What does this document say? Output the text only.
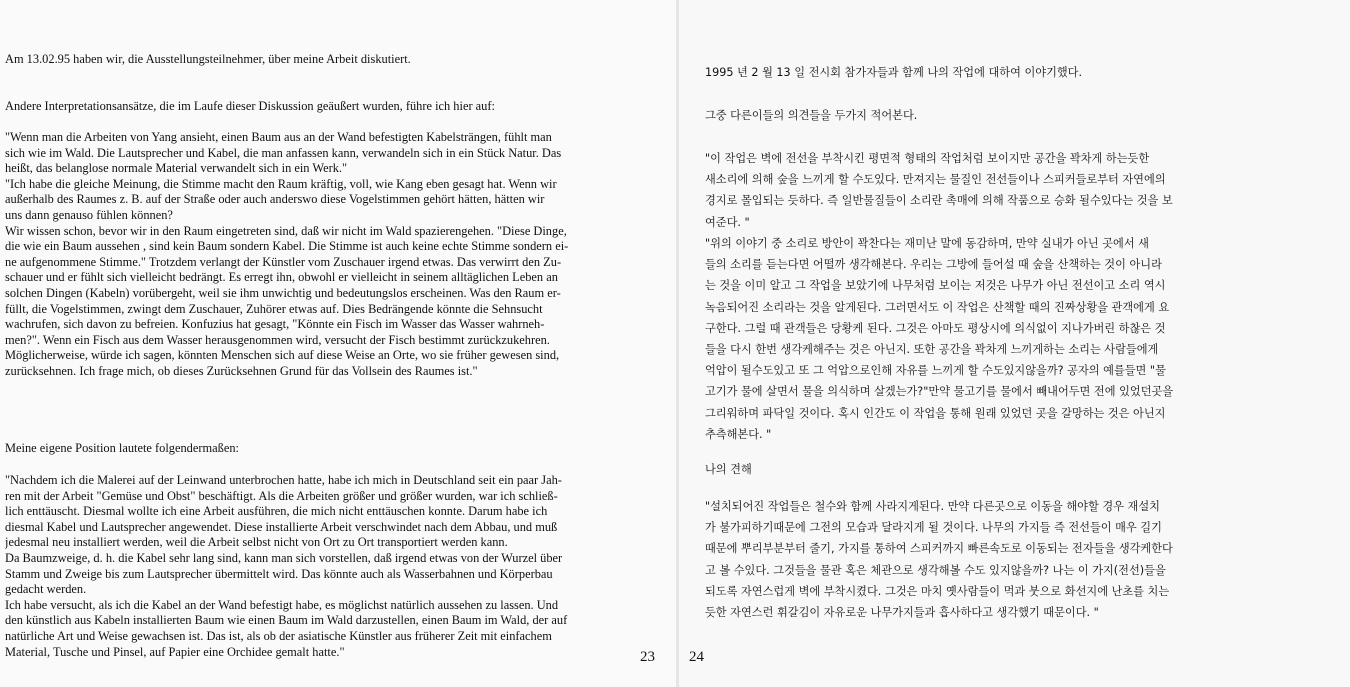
Am 13.02.95 haben wir, die Ausstellungsteilnehmer, über meine Arbeit diskutiert.

Andere Interpretationsansätze, die im Laufe dieser Diskussion geäußert wurden, führe ich hier auf:

"Wenn man die Arbeiten von Yang ansieht, einen Baum aus an der Wand befestigten Kabelsträngen, fühlt man
sich wie im Wald. Die Lautsprecher und Kabel, die man anfassen kann, verwandeln sich in ein Stück Natur. Das
heißt, das belanglose normale Material verwandelt sich in ein Werk."
"Ich habe die gleiche Meinung, die Stimme macht den Raum kräftig, voll, wie Kang eben gesagt hat. Wenn wir
außerhalb des Raumes z. B. auf der Straße oder auch anderswo diese Vogelstimmen gehört hätten, hätten wir
uns dann genauso fühlen können?
Wir wissen schon, bevor wir in den Raum eingetreten sind, daß wir nicht im Wald spazierengehen. "Diese Dinge,
die wie ein Baum aussehen , sind kein Baum sondern Kabel. Die Stimme ist auch keine echte Stimme sondern ei-
ne aufgenommene Stimme." Trotzdem verlangt der Künstler vom Zuschauer irgend etwas. Das verwirrt den Zu-
schauer und er fühlt sich vielleicht bedrängt. Es erregt ihn, obwohl er vielleicht in seinem alltäglichen Leben an
solchen Dingen (Kabeln) vorübergeht, weil sie ihm unwichtig und bedeutungslos erscheinen. Was den Raum er-
füllt, die Vogelstimmen, zwingt dem Zuschauer, Zuhörer etwas auf. Dies Bedrängende könnte die Sehnsucht
wachrufen, sich davon zu befreien. Konfuzius hat gesagt, "Könnte ein Fisch im Wasser das Wasser wahrneh-
men?". Wenn ein Fisch aus dem Wasser herausgenommen wird, versucht der Fisch bestimmt zurückzukehren.
Möglicherweise, würde ich sagen, könnten Menschen sich auf diese Weise an Orte, wo sie früher gewesen sind,
zurücksehnen. Ich frage mich, ob dieses Zurücksehnen Grund für das Vollsein des Raumes ist."

Meine eigene Position lautete folgendermaßen:

"Nachdem ich die Malerei auf der Leinwand unterbrochen hatte, habe ich mich in Deutschland seit ein paar Jah-
ren mit der Arbeit "Gemüse und Obst" beschäftigt. Als die Arbeiten größer und größer wurden, war ich schließ-
lich enttäuscht. Diesmal wollte ich eine Arbeit ausführen, die mich nicht enttäuschen konnte. Darum habe ich
diesmal Kabel und Lautsprecher angewendet. Diese installierte Arbeit verschwindet nach dem Abbau, und muß
jedesmal neu installiert werden, weil die Arbeit selbst nicht von Ort zu Ort transportiert werden kann.
Da Baumzweige, d. h. die Kabel sehr lang sind, kann man sich vorstellen, daß irgend etwas von der Wurzel über
Stamm und Zweige bis zum Lautsprecher übermittelt wird. Das könnte auch als Wasserbahnen und Körperbau
gedacht werden.
Ich habe versucht, als ich die Kabel an der Wand befestigt habe, es möglichst natürlich aussehen zu lassen. Und
den künstlich aus Kabeln installierten Baum wie einen Baum im Wald darzustellen, einen Baum im Wald, der auf
natürliche Art und Weise gewachsen ist. Das ist, als ob der asiatische Künstler aus früherer Zeit mit einfachem
Material, Tusche und Pinsel, auf Papier eine Orchidee gemalt hatte."	23

1995 년 2 월 13 일 전시회 참가자들과 함께 나의 작업에 대하여 이야기했다.

그중 다른이들의 의견들을 두가지 적어본다.

"이 작업은 벽에 전선을 부착시킨 평면적 형태의 작업처럼 보이지만 공간을 꽉차게 하는듯한
새소리에 의해 숲을 느끼게 할 수도있다. 만져지는 물질인 전선들이나 스피커들로부터 자연에의
경지로 몰입되는 듯하다. 즉 일반물질들이 소리란 촉매에 의해 작품으로 승화 될수있다는 것을 보
여준다. "
"위의 이야기 중 소리로 방안이 꽉찬다는 재미난 말에 동감하며, 만약 실내가 아닌 곳에서 새
들의 소리를 듣는다면 어떨까 생각해본다. 우리는 그방에 들어설 때 숲을 산책하는 것이 아니라
는 것을 이미 알고 그 작업을 보았기에 나무처럼 보이는 저것은 나무가 아닌 전선이고 소리 역시
녹음되어진 소리라는 것을 알게된다. 그러면서도 이 작업은 산책할 때의 진짜상황을 관객에게 요
구한다. 그럴 때 관객들은 당황케 된다. 그것은 아마도 평상시에 의식없이 지나가버린 하찮은 것
들을 다시 한번 생각케해주는 것은 아닌지. 또한 공간을 꽉차게 느끼게하는 소리는 사람들에게
억압이 될수도있고 또 그 억압으로인해 자유를 느끼게 할 수도있지않을까? 공자의 예를들면 "물
고기가 물에 살면서 물을 의식하며 살겠는가?"만약 물고기를 물에서 빼내어두면 전에 있었던곳을
그리워하며 파닥일 것이다. 혹시 인간도 이 작업을 통해 원래 있었던 곳을 갈망하는 것은 아닌지
추측해본다. "

나의 견해

"설치되어진 작업들은 철수와 함께 사라지게된다. 만약 다른곳으로 이동을 해야할 경우 재설치
가 불가피하기때문에 그전의 모습과 달라지게 될 것이다. 나무의 가지들 즉 전선들이 매우 길기
때문에 뿌리부분부터 줄기, 가지를 통하여 스피커까지 빠른속도로 이동되는 전자들을 생각케한다
고 볼 수있다. 그것들을 물관 혹은 체관으로 생각해볼 수도 있지않을까? 나는 이 가지(전선)들을
되도록 자연스럽게 벽에 부착시켰다. 그것은 마치 옛사람들이 먹과 붓으로 화선지에 난초를 치는
듯한 자연스런 휘갈김이 자유로운 나무가지들과 흡사하다고 생각했기 때문이다. "
24
